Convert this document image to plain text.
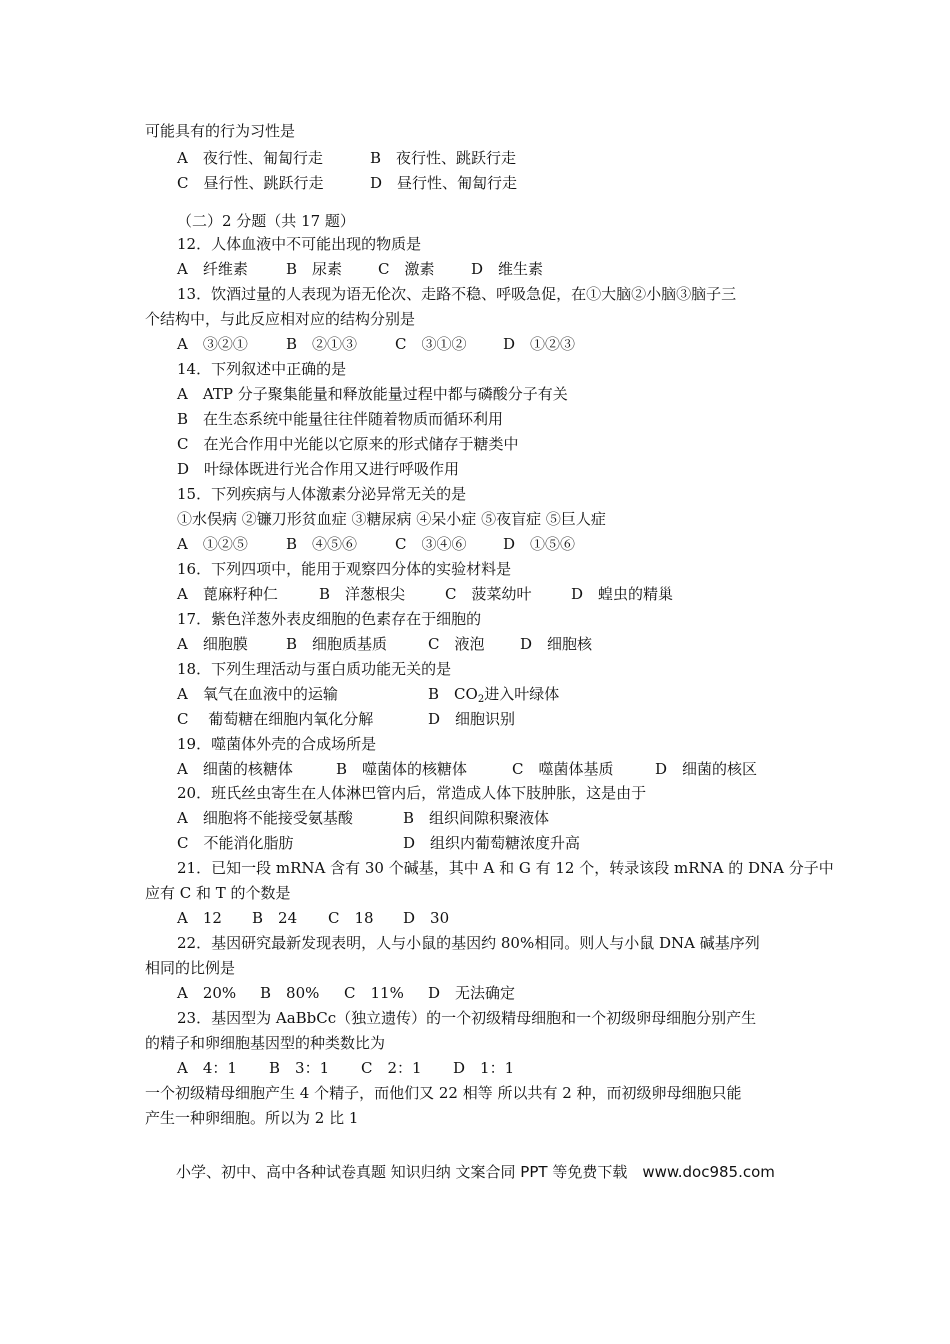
可能具有的行为习性是
A　夜行性、匍匐行走	B　夜行性、跳跃行走
C　昼行性、跳跃行走	D　昼行性、匍匐行走
（二）2 分题（共 17 题）
12．人体血液中不可能出现的物质是
A　纤维素	B　尿素 C　激素 D　维生素
13．饮酒过量的人表现为语无伦次、走路不稳、呼吸急促，在①大脑②小脑③脑子三
个结构中，与此反应相对应的结构分别是
A　③②①	B　②①③	C　③①② D　①②③
14．下列叙述中正确的是
A　ATP 分子聚集能量和释放能量过程中都与磷酸分子有关
B　在生态系统中能量往往伴随着物质而循环利用
C　在光合作用中光能以它原来的形式储存于糖类中
D　叶绿体既进行光合作用又进行呼吸作用
15．下列疾病与人体激素分泌异常无关的是
①水俣病 ②镰刀形贫血症 ③糖尿病 ④呆小症 ⑤夜盲症 ⑤巨人症
A　①②⑤	B　④⑤⑥	C　③④⑥ D　①⑤⑥
16．下列四项中，能用于观察四分体的实验材料是
A　蓖麻籽种仁	B　洋葱根尖	C　菠菜幼叶	D　蝗虫的精巢
17．紫色洋葱外表皮细胞的色素存在于细胞的
A　细胞膜	B　细胞质基质	C　液泡 D　细胞核
18．下列生理活动与蛋白质功能无关的是
A　氧气在血液中的运输	B　$CO_2$进入叶绿体
C　 葡萄糖在细胞内氧化分解	D　细胞识别
19．噬菌体外壳的合成场所是
A　细菌的核糖体	B　噬菌体的核糖体	C　噬菌体基质	D　细菌的核区
20．班氏丝虫寄生在人体淋巴管内后，常造成人体下肢肿胀，这是由于
A　细胞将不能接受氨基酸	B　组织间隙积聚液体
C　不能消化脂肪	D　组织内葡萄糖浓度升高
21．已知一段 mRNA 含有 30 个碱基，其中 A 和 G 有 12 个，转录该段 mRNA 的 DNA 分子中
应有 C 和 T 的个数是
A　12 B　24 C　18 D　30
22．基因研究最新发现表明，人与小鼠的基因约 80%相同。则人与小鼠 DNA 碱基序列
相同的比例是
A　20% B　80% C　11% D　无法确定
23．基因型为 AaBbCc（独立遗传）的一个初级精母细胞和一个初级卵母细胞分别产生
的精子和卵细胞基因型的种类数比为
A　4：1 B　3：1 C　2：1 D　1：1
一个初级精母细胞产生 4 个精子，而他们又 22 相等 所以共有 2 种，而初级卵母细胞只能
产生一种卵细胞。所以为 2 比 1
小学、初中、高中各种试卷真题 知识归纳 文案合同 PPT 等免费下载　www.doc985.com
